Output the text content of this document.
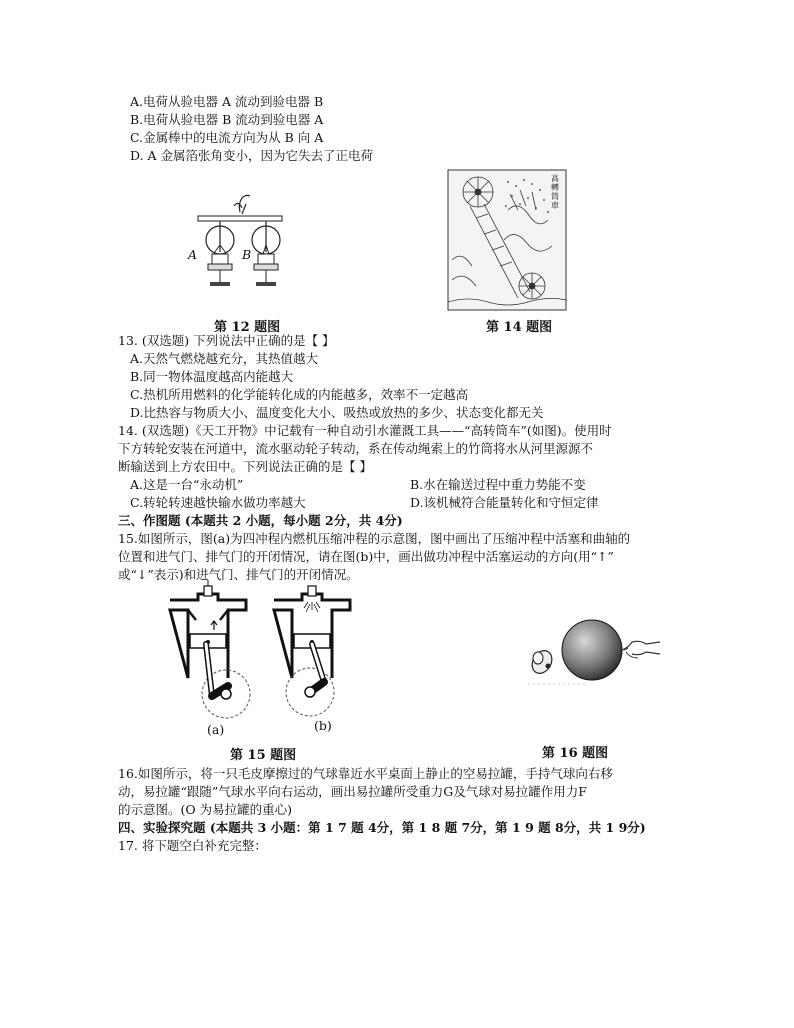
A.电荷从验电器 A 流动到验电器 B
B.电荷从验电器 B 流动到验电器 A
C.金属棒中的电流方向为从 B 向 A
D. A 金属箔张角变小，因为它失去了正电荷
A	B
第 12 题图
高轉筒車
第 14 题图
13. (双选题) 下列说法中正确的是【 】
A.天然气燃烧越充分，其热值越大
B.同一物体温度越高内能越大
C.热机所用燃料的化学能转化成的内能越多，效率不一定越高
D.比热容与物质大小、温度变化大小、吸热或放热的多少、状态变化都无关
14. (双选题)《天工开物》中记载有一种自动引水灌溉工具——“高转筒车”(如图)。使用时
下方转轮安装在河道中，流水驱动轮子转动，系在传动绳索上的竹筒将水从河里源源不
断输送到上方农田中。下列说法正确的是【 】
A.这是一台“永动机”	B.水在输送过程中重力势能不变
C.转轮转速越快输水做功率越大	D.该机械符合能量转化和守恒定律
三、作图题 (本题共 2 小题，每小题 2分，共 4分)
15.如图所示，图(a)为四冲程内燃机压缩冲程的示意图，图中画出了压缩冲程中活塞和曲轴的
位置和进气门、排气门的开闭情况，请在图(b)中，画出做功冲程中活塞运动的方向(用“↑”
或“↓”表示)和进气门、排气门的开闭情况。
(a)	(b)
第 15 题图	第 16 题图
16.如图所示，将一只毛皮摩擦过的气球靠近水平桌面上静止的空易拉罐，手持气球向右移
动，易拉罐“跟随”气球水平向右运动，画出易拉罐所受重力G及气球对易拉罐作用力F
的示意图。(O 为易拉罐的重心)
四、实验探究题 (本题共 3 小题：第 1 7 题 4分，第 1 8 题 7分，第 1 9 题 8分，共 1 9分)
17. 将下题空白补充完整：
